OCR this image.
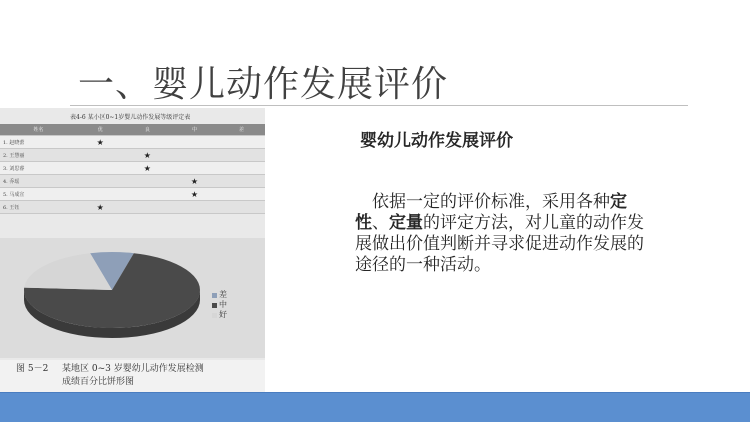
一、婴儿动作发展评价
表4-6 某小区0~1岁婴儿动作发展等级评定表
姓名	优	良	中	差
1. 赵晓蕾	★			
2. 王慧丽		★		
3. 刘思睿		★		
4. 乔瑶			★	
5. 马成宣			★	
6. 王钰	★			
差
中
好
图 5－2 某地区 0~3 岁婴幼儿动作发展检测
成绩百分比饼形图
婴幼儿动作发展评价

　依据一定的评价标准，采用各种定性、定量的评定方法，对儿童的动作发展做出价值判断并寻求促进动作发展的途径的一种活动。
